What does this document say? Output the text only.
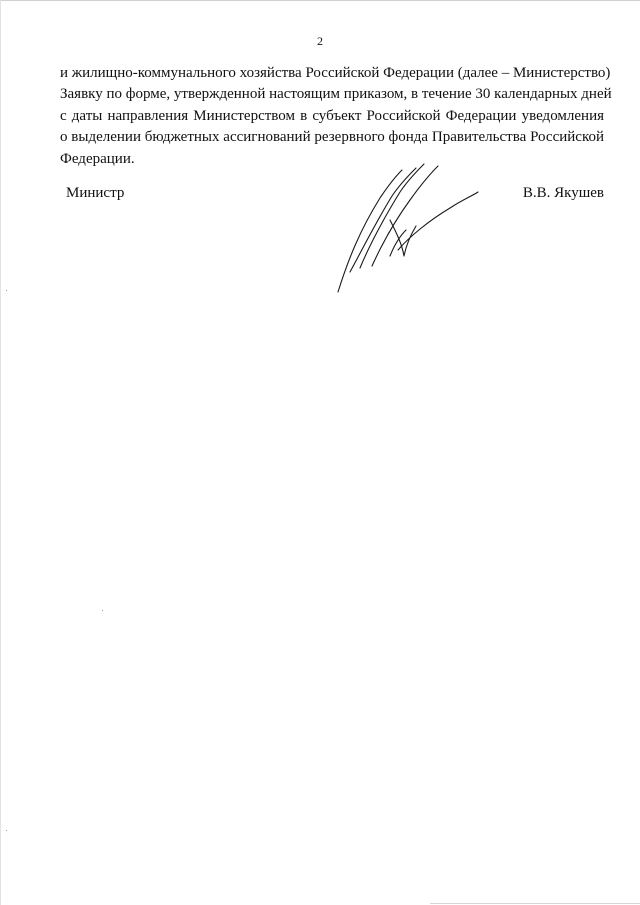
2

и жилищно-коммунального хозяйства Российской Федерации (далее – Министерство)
Заявку по форме, утвержденной настоящим приказом, в течение 30 календарных дней
с даты направления Министерством в субъект Российской Федерации уведомления
о выделении бюджетных ассигнований резервного фонда Правительства Российской
Федерации.

Министр	В.В. Якушев
